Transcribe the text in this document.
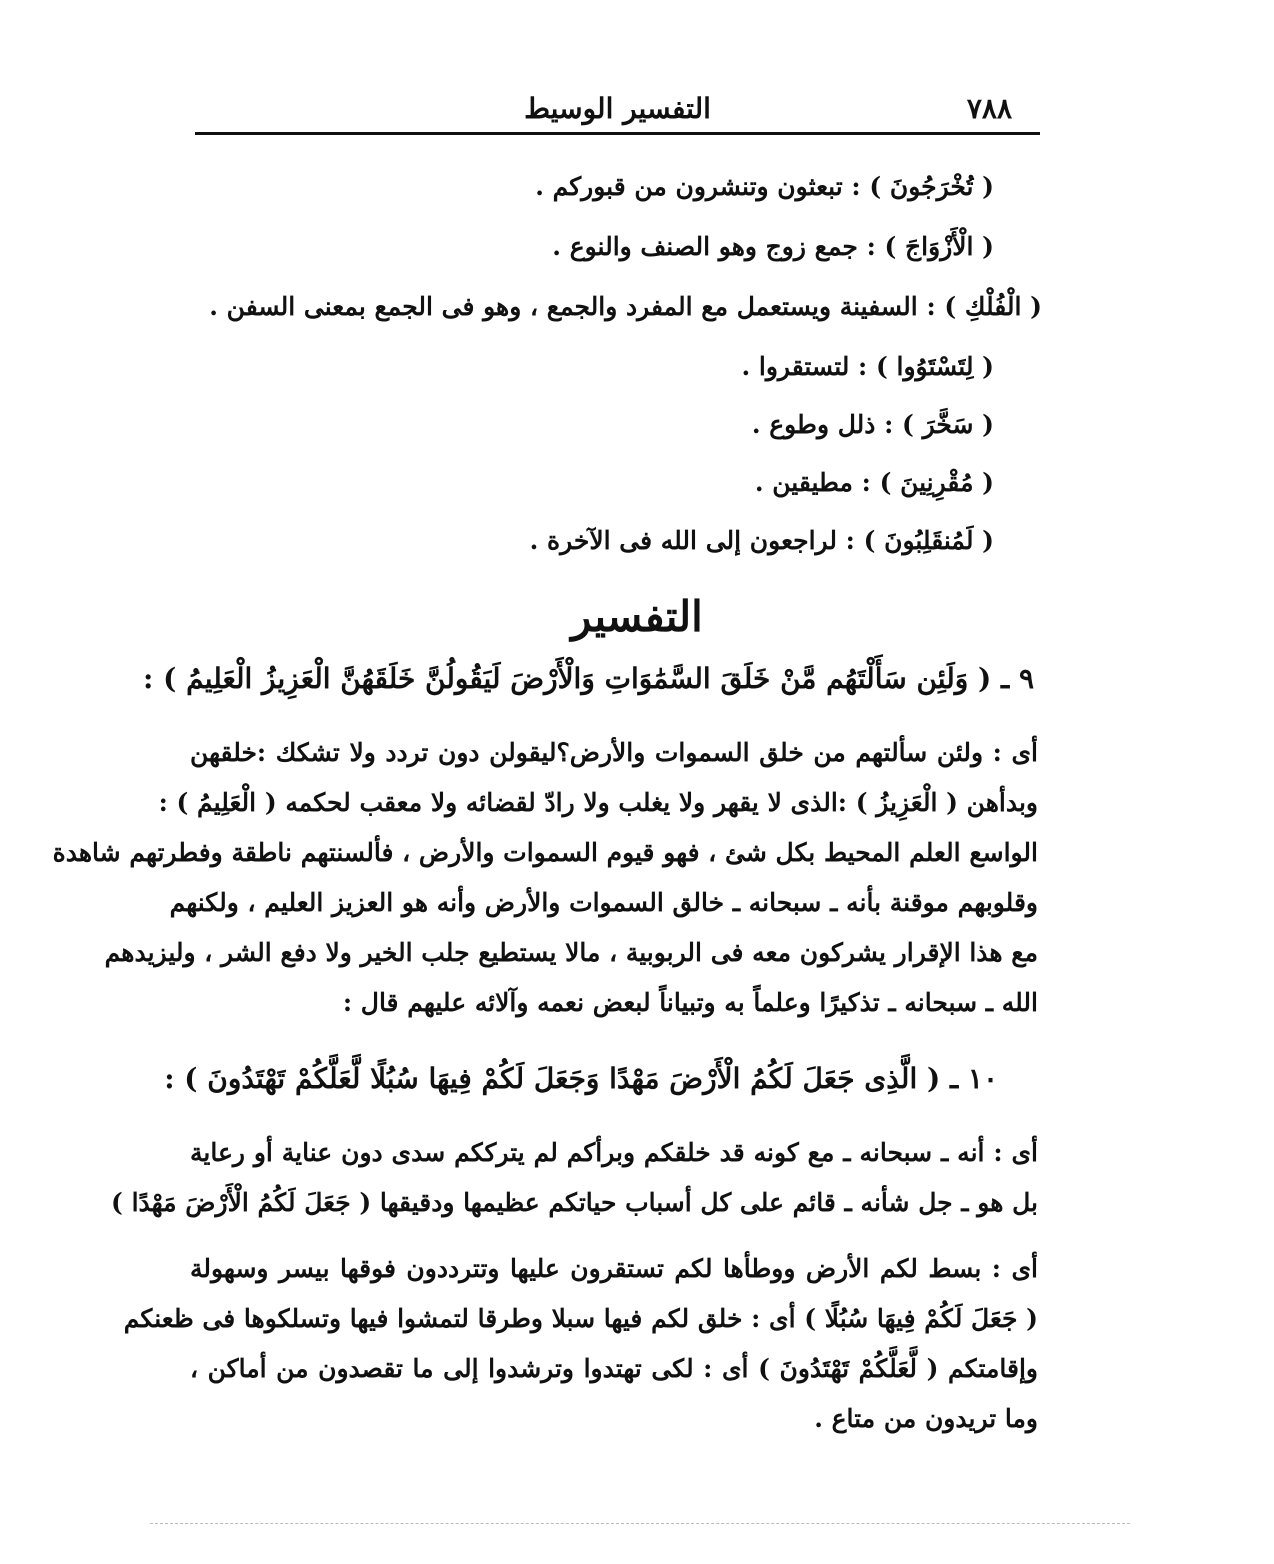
٧٨٨
التفسير الوسيط
( تُخْرَجُونَ ) : تبعثون وتنشرون من قبوركم .
( الْأَزْوَاجَ ) : جمع زوج وهو الصنف والنوع .
( الْفُلْكِ ) : السفينة ويستعمل مع المفرد والجمع ، وهو فى الجمع بمعنى السفن .
( لِتَسْتَوُوا ) : لتستقروا .
( سَخَّرَ ) : ذلل وطوع .
( مُقْرِنِينَ ) : مطيقين .
( لَمُنقَلِبُونَ ) : لراجعون إلى الله فى الآخرة .
التفسير
٩ ـ ( وَلَئِن سَأَلْتَهُم مَّنْ خَلَقَ السَّمَٰوَاتِ وَالْأَرْضَ لَيَقُولُنَّ خَلَقَهُنَّ الْعَزِيزُ الْعَلِيمُ ) :

أى : ولئن سألتهم من خلق السموات والأرض؟ليقولن دون تردد ولا تشكك :خلقهن

وبدأهن ( الْعَزِيزُ ) :الذى لا يقهر ولا يغلب ولا رادّ لقضائه ولا معقب لحكمه ( الْعَلِيمُ ) :

الواسع العلم المحيط بكل شئ ، فهو قيوم السموات والأرض ، فألسنتهم ناطقة وفطرتهم شاهدة

وقلوبهم موقنة بأنه ـ سبحانه ـ خالق السموات والأرض وأنه هو العزيز العليم ، ولكنهم

مع هذا الإقرار يشركون معه فى الربوبية ، مالا يستطيع جلب الخير ولا دفع الشر ، وليزيدهم

الله ـ سبحانه ـ تذكيرًا وعلماً به وتبياناً لبعض نعمه وآلائه عليهم قال :

١٠ ـ ( الَّذِى جَعَلَ لَكُمُ الْأَرْضَ مَهْدًا وَجَعَلَ لَكُمْ فِيهَا سُبُلًا لَّعَلَّكُمْ تَهْتَدُونَ ) :

أى : أنه ـ سبحانه ـ مع كونه قد خلقكم وبرأكم لم يترككم سدى دون عناية أو رعاية

بل هو ـ جل شأنه ـ قائم على كل أسباب حياتكم عظيمها ودقيقها ( جَعَلَ لَكُمُ الْأَرْضَ مَهْدًا )

أى : بسط لكم الأرض ووطأها لكم تستقرون عليها وتترددون فوقها بيسر وسهولة

( جَعَلَ لَكُمْ فِيهَا سُبُلًا ) أى : خلق لكم فيها سبلا وطرقا لتمشوا فيها وتسلكوها فى ظعنكم

وإقامتكم ( لَّعَلَّكُمْ تَهْتَدُونَ ) أى : لكى تهتدوا وترشدوا إلى ما تقصدون من أماكن ،

وما تريدون من متاع .
